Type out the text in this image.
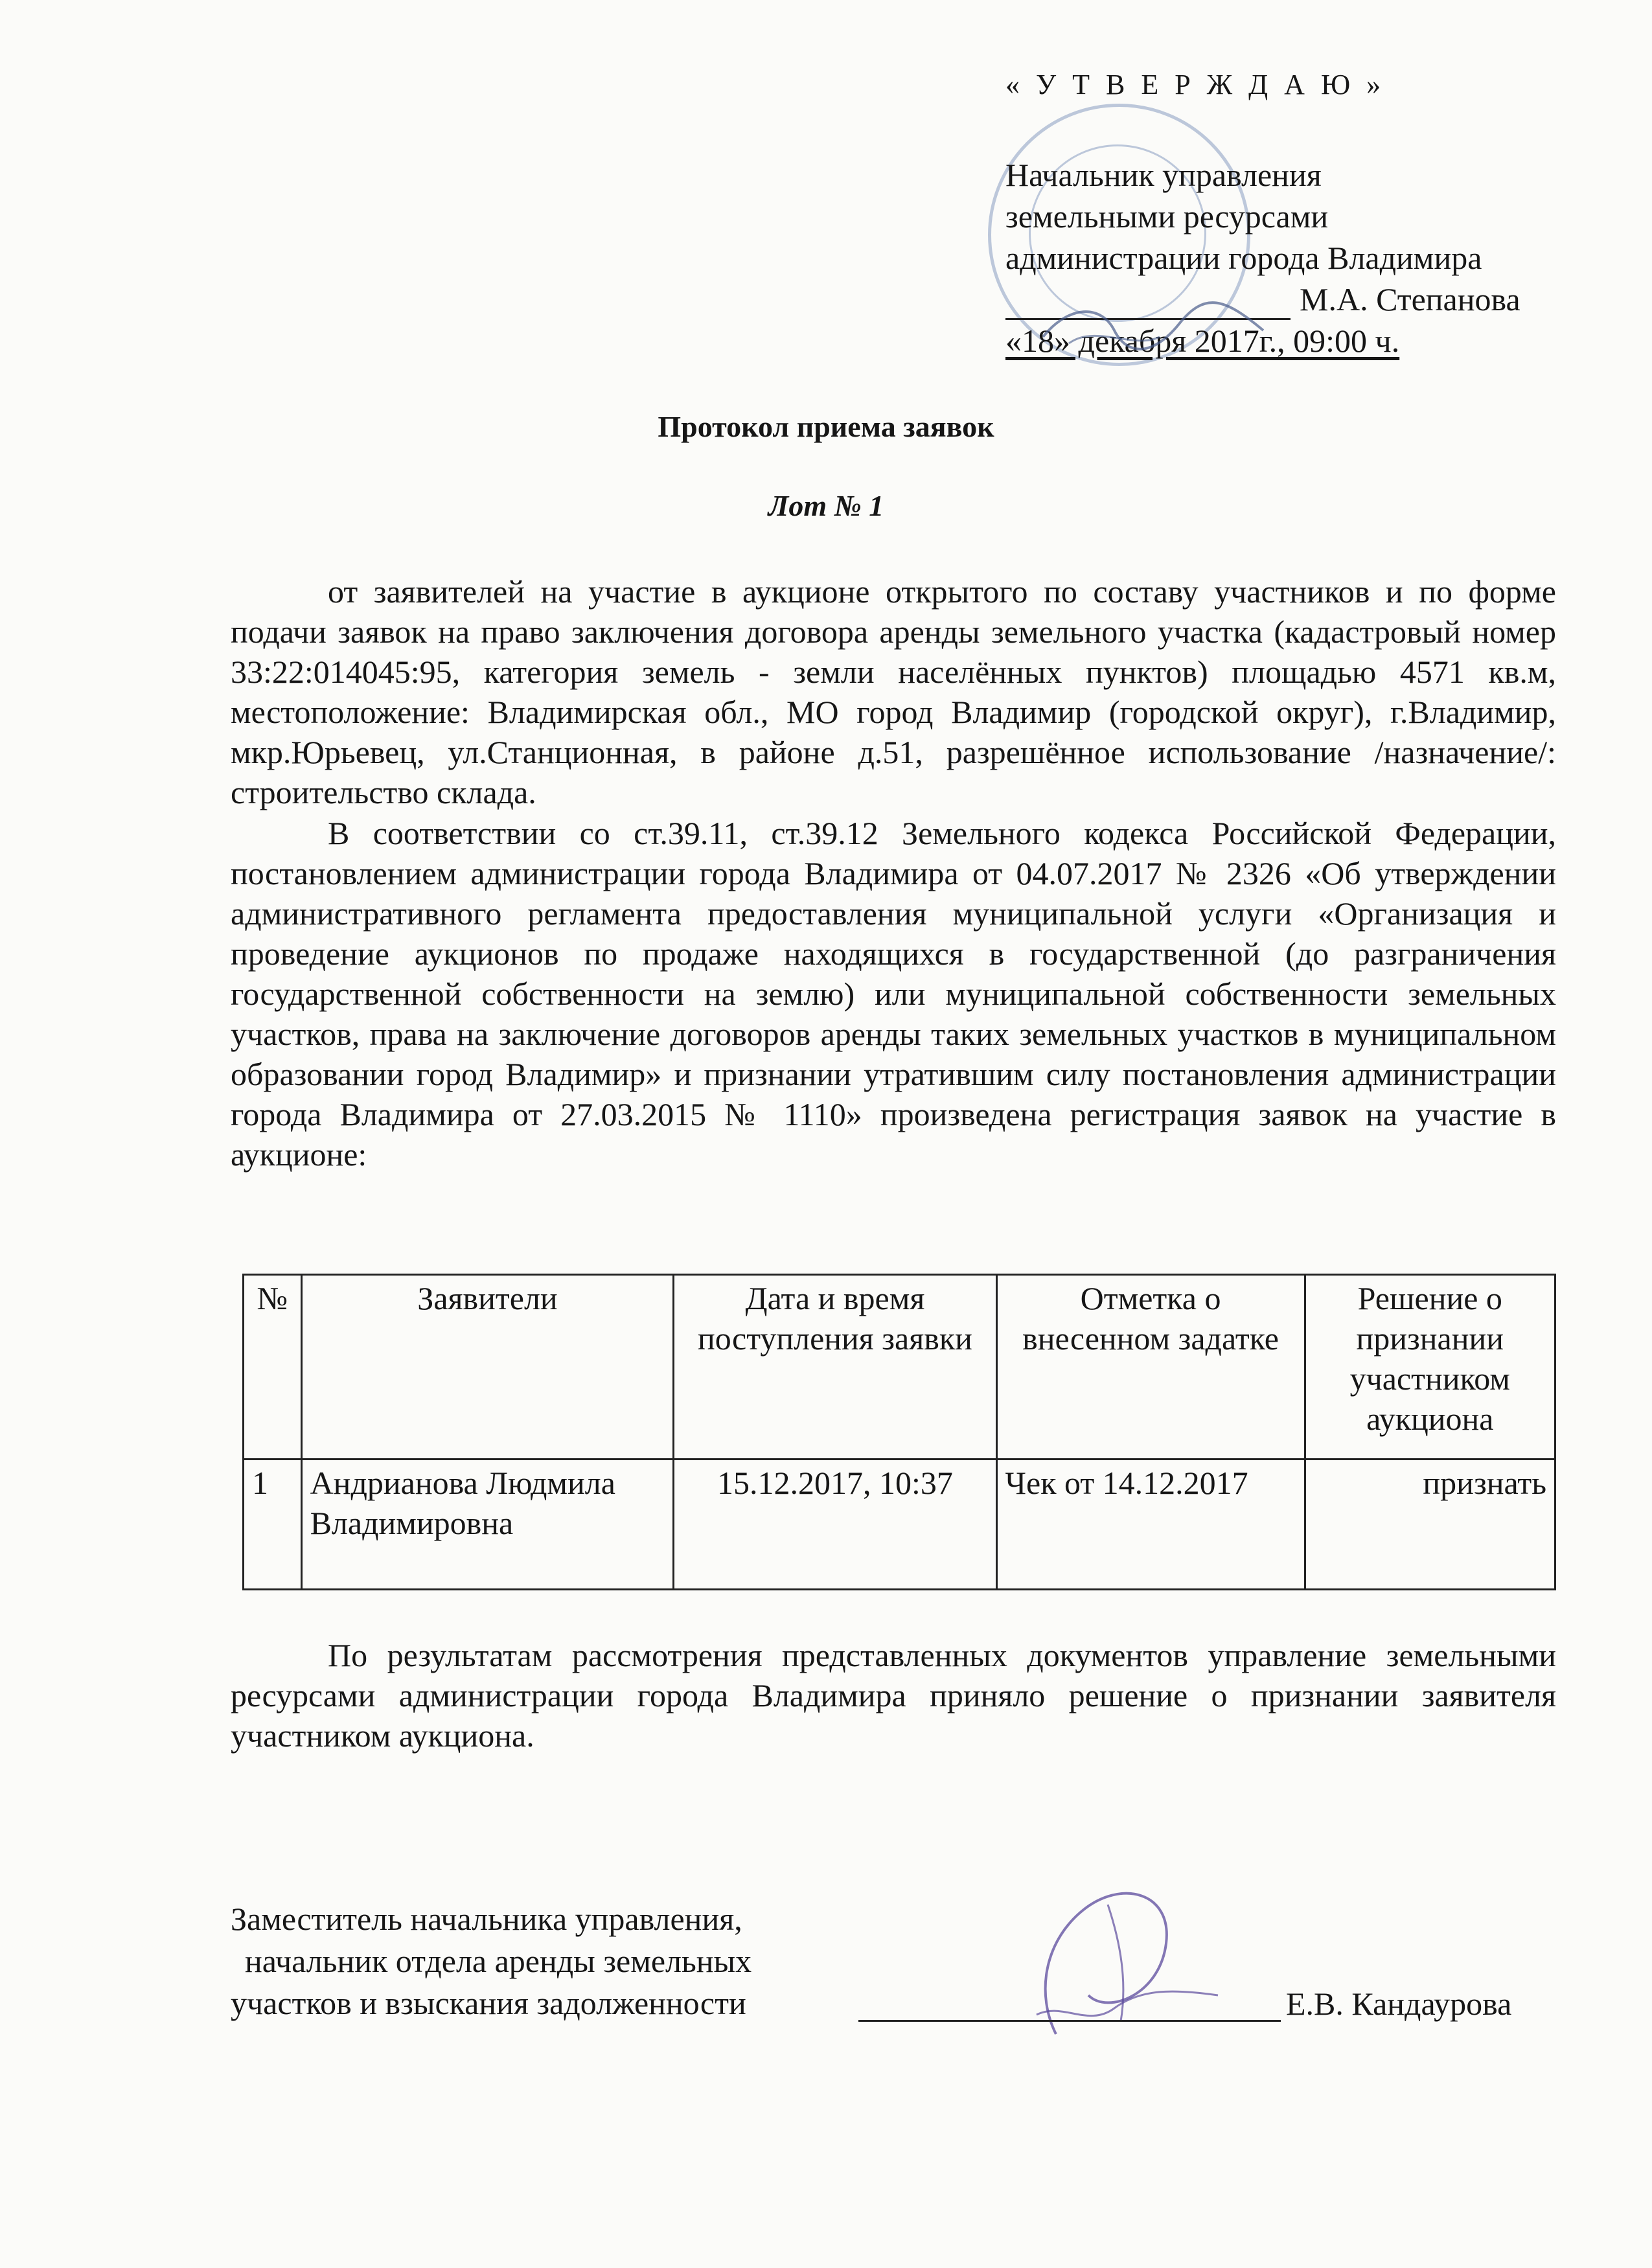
« У Т В Е Р Ж Д А Ю »
Начальник управления
земельными ресурсами
администрации города Владимира
М.А. Степанова
«18» декабря 2017г., 09:00 ч.
Протокол приема заявок
Лот № 1

от заявителей на участие в аукционе открытого по составу участников и по форме подачи заявок на право заключения договора аренды земельного участка (кадастровый номер 33:22:014045:95, категория земель - земли населённых пунктов) площадью 4571 кв.м, местоположение: Владимирская обл., МО город Владимир (городской округ), г.Владимир, мкр.Юрьевец, ул.Станционная, в районе д.51, разрешённое использование /назначение/: строительство склада.

В соответствии со ст.39.11, ст.39.12 Земельного кодекса Российской Федерации, постановлением администрации города Владимира от 04.07.2017 № 2326 «Об утверждении административного регламента предоставления муниципальной услуги «Организация и проведение аукционов по продаже находящихся в государственной (до разграничения государственной собственности на землю) или муниципальной собственности земельных участков, права на заключение договоров аренды таких земельных участков в муниципальном образовании город Владимир» и признании утратившим силу постановления администрации города Владимира от 27.03.2015 № 1110» произведена регистрация заявок на участие в аукционе:

№	Заявители	Дата и время поступления заявки	Отметка о внесенном задатке	Решение о признании участником аукциона
1	Андрианова Людмила Владимировна	15.12.2017, 10:37	Чек от 14.12.2017	признать

По результатам рассмотрения представленных документов управление земельными ресурсами администрации города Владимира приняло решение о признании заявителя участником аукциона.

Заместитель начальника управления,
начальник отдела аренды земельных
участков и взыскания задолженности	Е.В. Кандаурова
